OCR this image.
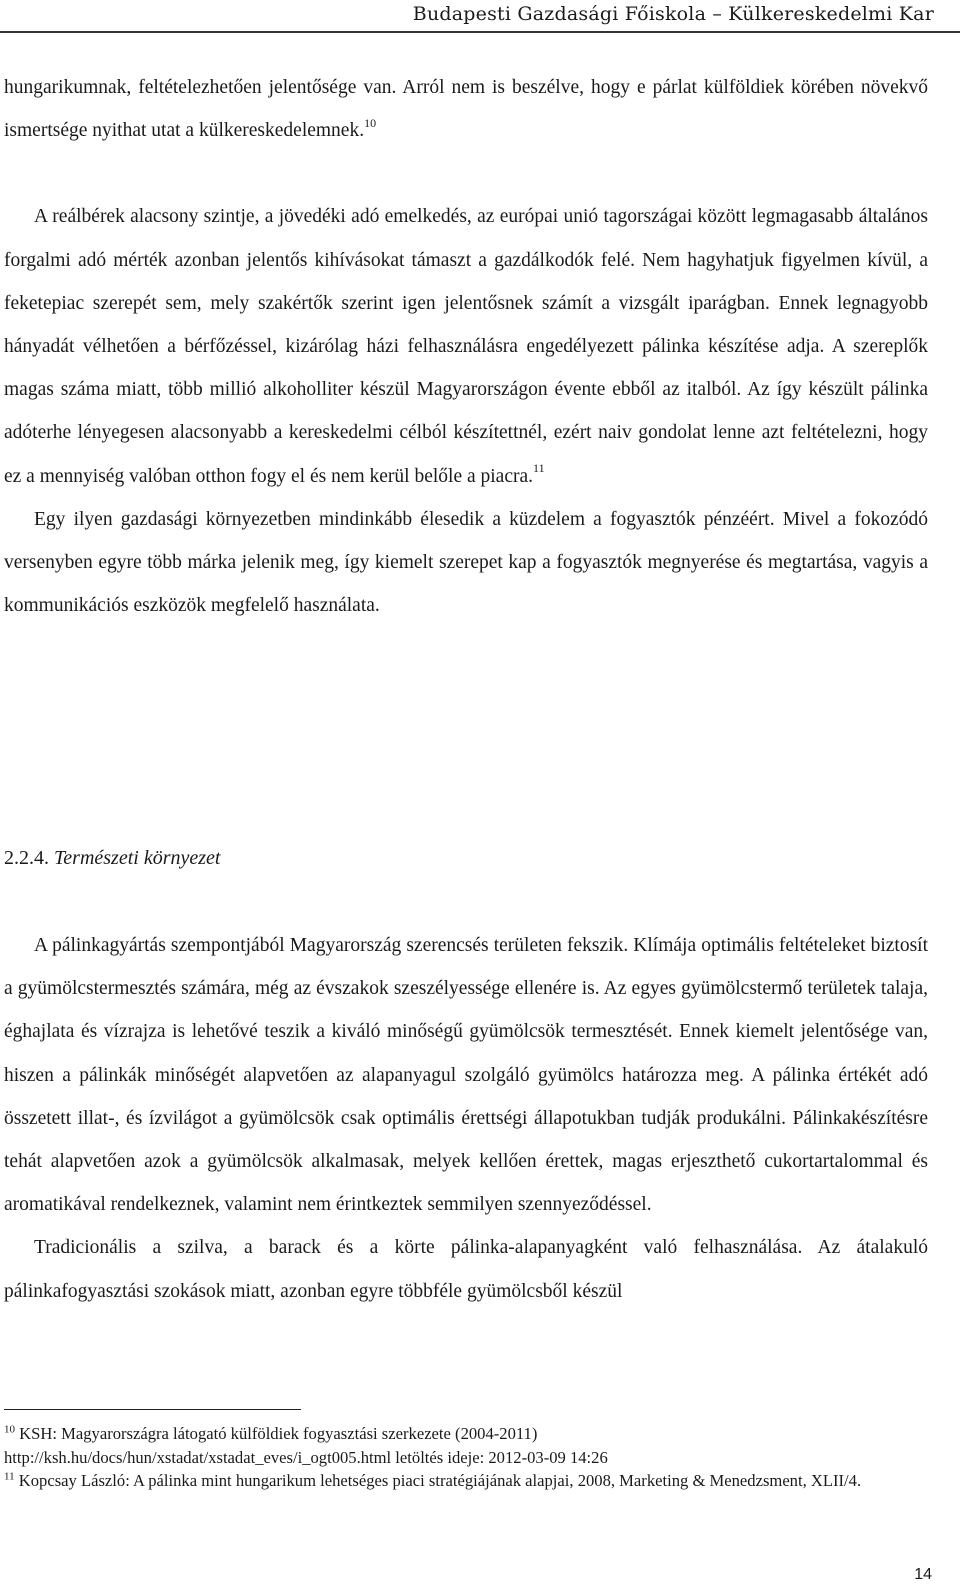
Budapesti Gazdasági Főiskola – Külkereskedelmi Kar

hungarikumnak, feltételezhetően jelentősége van. Arról nem is beszélve, hogy e párlat külföldiek körében növekvő ismertsége nyithat utat a külkereskedelemnek.$^{10}$

A reálbérek alacsony szintje, a jövedéki adó emelkedés, az európai unió tagországai között legmagasabb általános forgalmi adó mérték azonban jelentős kihívásokat támaszt a gazdálkodók felé. Nem hagyhatjuk figyelmen kívül, a feketepiac szerepét sem, mely szakértők szerint igen jelentősnek számít a vizsgált iparágban. Ennek legnagyobb hányadát vélhetően a bérfőzéssel, kizárólag házi felhasználásra engedélyezett pálinka készítése adja. A szereplők magas száma miatt, több millió alkoholliter készül Magyarországon évente ebből az italból. Az így készült pálinka adóterhe lényegesen alacsonyabb a kereskedelmi célból készítettnél, ezért naiv gondolat lenne azt feltételezni, hogy ez a mennyiség valóban otthon fogy el és nem kerül belőle a piacra.$^{11}$

Egy ilyen gazdasági környezetben mindinkább élesedik a küzdelem a fogyasztók pénzéért. Mivel a fokozódó versenyben egyre több márka jelenik meg, így kiemelt szerepet kap a fogyasztók megnyerése és megtartása, vagyis a kommunikációs eszközök megfelelő használata.

2.2.4. Természeti környezet

A pálinkagyártás szempontjából Magyarország szerencsés területen fekszik. Klímája optimális feltételeket biztosít a gyümölcstermesztés számára, még az évszakok szeszélyessége ellenére is. Az egyes gyümölcstermő területek talaja, éghajlata és vízrajza is lehetővé teszik a kiváló minőségű gyümölcsök termesztését. Ennek kiemelt jelentősége van, hiszen a pálinkák minőségét alapvetően az alapanyagul szolgáló gyümölcs határozza meg. A pálinka értékét adó összetett illat-, és ízvilágot a gyümölcsök csak optimális érettségi állapotukban tudják produkálni. Pálinkakészítésre tehát alapvetően azok a gyümölcsök alkalmasak, melyek kellően érettek, magas erjeszthető cukortartalommal és aromatikával rendelkeznek, valamint nem érintkeztek semmilyen szennyeződéssel.

Tradicionális a szilva, a barack és a körte pálinka-alapanyagként való felhasználása. Az átalakuló pálinkafogyasztási szokások miatt, azonban egyre többféle gyümölcsből készül

$^{10}$ KSH: Magyarországra látogató külföldiek fogyasztási szerkezete (2004-2011)

http://ksh.hu/docs/hun/xstadat/xstadat_eves/i_ogt005.html letöltés ideje: 2012-03-09 14:26

$^{11}$ Kopcsay László: A pálinka mint hungarikum lehetséges piaci stratégiájának alapjai, 2008, Marketing & Menedzsment, XLII/4.

14
